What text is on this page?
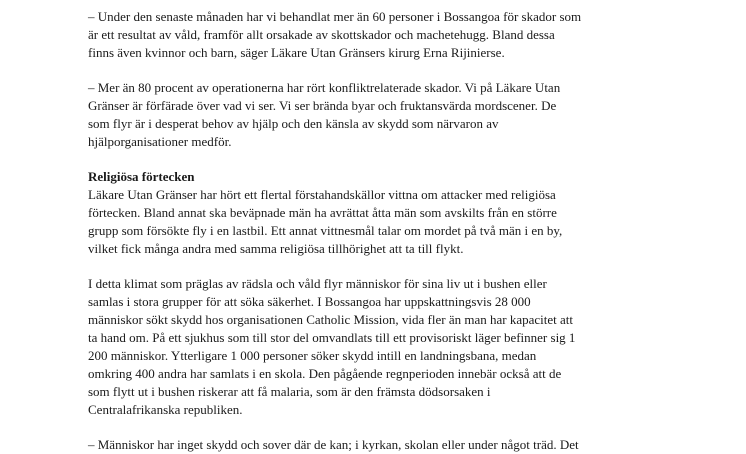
– Under den senaste månaden har vi behandlat mer än 60 personer i Bossangoa för skador som
är ett resultat av våld, framför allt orsakade av skottskador och machetehugg. Bland dessa
finns även kvinnor och barn, säger Läkare Utan Gränsers kirurg Erna Rijinierse.
– Mer än 80 procent av operationerna har rört konfliktrelaterade skador. Vi på Läkare Utan
Gränser är förfärade över vad vi ser. Vi ser brända byar och fruktansvärda mordscener. De
som flyr är i desperat behov av hjälp och den känsla av skydd som närvaron av
hjälporganisationer medför.
Religiösa förtecken
Läkare Utan Gränser har hört ett flertal förstahandskällor vittna om attacker med religiösa
förtecken. Bland annat ska beväpnade män ha avrättat åtta män som avskilts från en större
grupp som försökte fly i en lastbil. Ett annat vittnesmål talar om mordet på två män i en by,
vilket fick många andra med samma religiösa tillhörighet att ta till flykt.
I detta klimat som präglas av rädsla och våld flyr människor för sina liv ut i bushen eller
samlas i stora grupper för att söka säkerhet. I Bossangoa har uppskattningsvis 28 000
människor sökt skydd hos organisationen Catholic Mission, vida fler än man har kapacitet att
ta hand om. På ett sjukhus som till stor del omvandlats till ett provisoriskt läger befinner sig 1
200 människor. Ytterligare 1 000 personer söker skydd intill en landningsbana, medan
omkring 400 andra har samlats i en skola. Den pågående regnperioden innebär också att de
som flytt ut i bushen riskerar att få malaria, som är den främsta dödsorsaken i
Centralafrikanska republiken.
– Människor har inget skydd och sover där de kan; i kyrkan, skolan eller under något träd. Det
